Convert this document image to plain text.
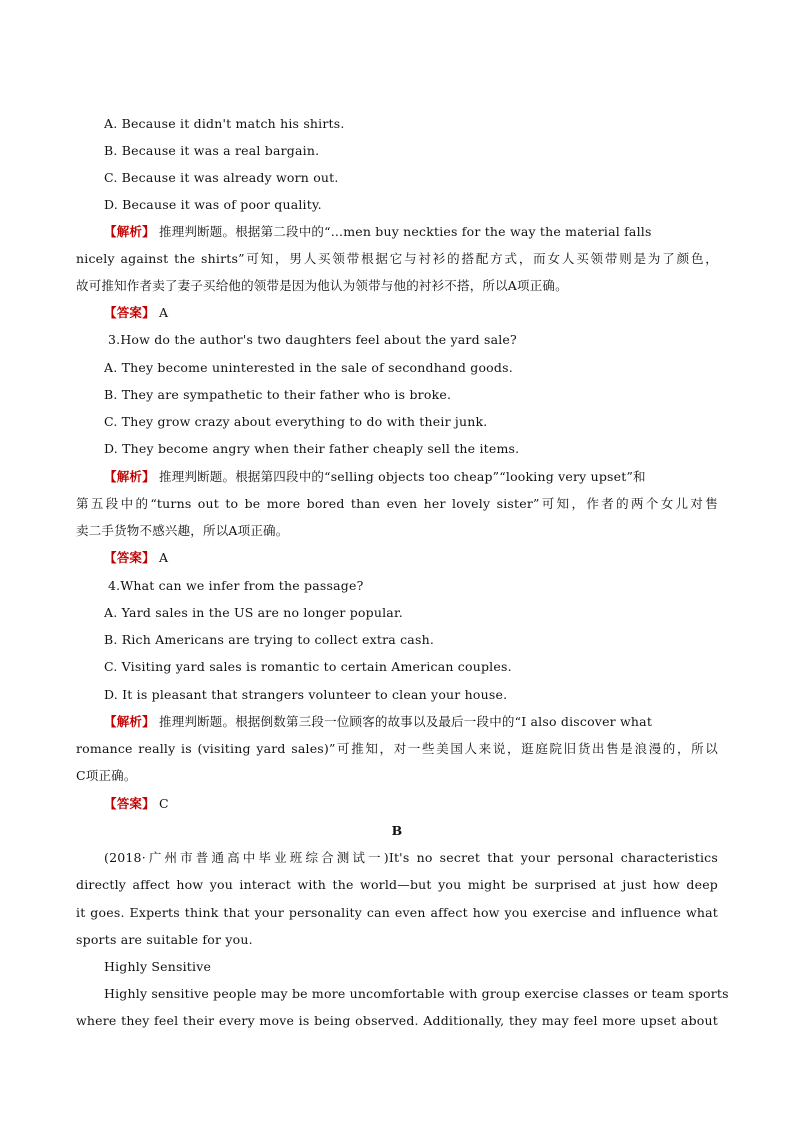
A. Because it didn't match his shirts.
B. Because it was a real bargain.
C. Because it was already worn out.
D. Because it was of poor quality.
【解析】 推理判断题。根据第二段中的“...men buy neckties for the way the material falls
nicely against the shirts”可知，男人买领带根据它与衬衫的搭配方式，而女人买领带则是为了颜色，
故可推知作者卖了妻子买给他的领带是因为他认为领带与他的衬衫不搭，所以A项正确。
【答案】 A
3.How do the author's two daughters feel about the yard sale?
A. They become uninterested in the sale of secondhand goods.
B. They are sympathetic to their father who is broke.
C. They grow crazy about everything to do with their junk.
D. They become angry when their father cheaply sell the items.
【解析】 推理判断题。根据第四段中的“selling objects too cheap”“looking very upset”和
第五段中的“turns out to be more bored than even her lovely sister”可知，作者的两个女儿对售
卖二手货物不感兴趣，所以A项正确。
【答案】 A
4.What can we infer from the passage?
A. Yard sales in the US are no longer popular.
B. Rich Americans are trying to collect extra cash.
C. Visiting yard sales is romantic to certain American couples.
D. It is pleasant that strangers volunteer to clean your house.
【解析】 推理判断题。根据倒数第三段一位顾客的故事以及最后一段中的“I also discover what
romance really is (visiting yard sales)”可推知，对一些美国人来说，逛庭院旧货出售是浪漫的，所以
C项正确。
【答案】 C
B
(2018·广州市普通高中毕业班综合测试一)It's no secret that your personal characteristics
directly affect how you interact with the world—but you might be surprised at just how deep
it goes. Experts think that your personality can even affect how you exercise and influence what
sports are suitable for you.
Highly Sensitive
Highly sensitive people may be more uncomfortable with group exercise classes or team sports
where they feel their every move is being observed. Additionally, they may feel more upset about
